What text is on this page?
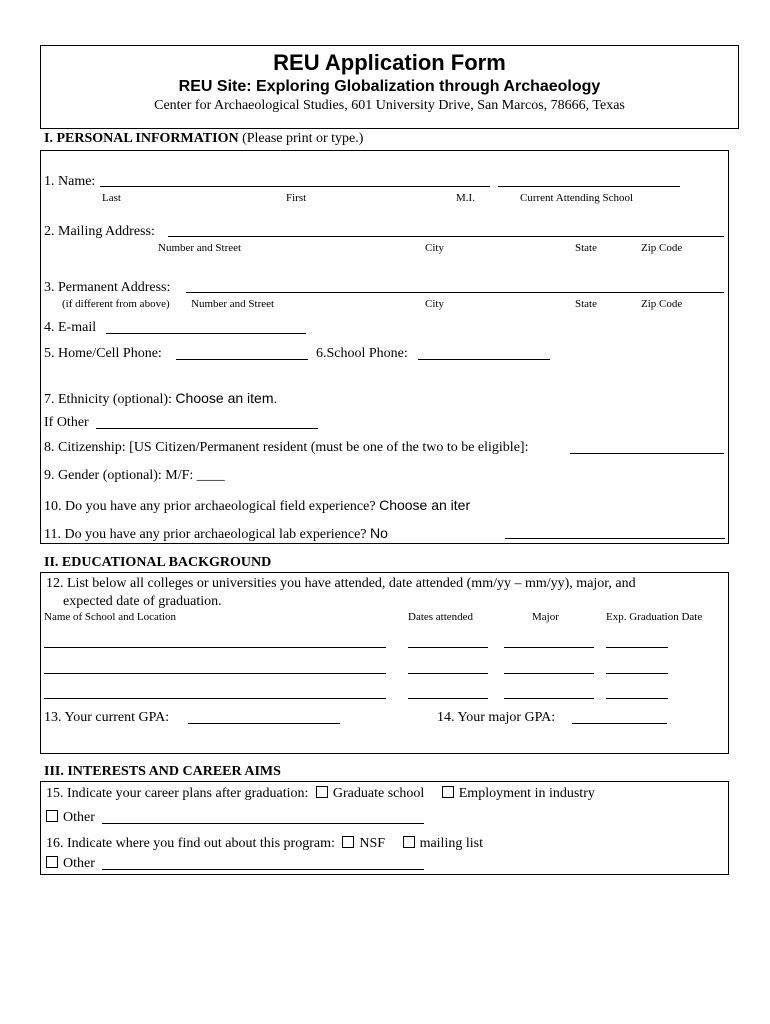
REU Application Form
REU Site: Exploring Globalization through Archaeology
Center for Archaeological Studies, 601 University Drive, San Marcos, 78666, Texas
I. PERSONAL INFORMATION (Please print or type.)
1. Name:
Last	First	M.I.	Current Attending School
2. Mailing Address:
Number and Street	City	State	Zip Code
3. Permanent Address:
(if different from above) Number and Street	City	State	Zip Code
4. E-mail
5. Home/Cell Phone:	6.School Phone:
7. Ethnicity (optional): Choose an item.
If Other
8. Citizenship: [US Citizen/Permanent resident (must be one of the two to be eligible]:
9. Gender (optional): M/F: ____
10. Do you have any prior archaeological field experience? Choose an iter
11. Do you have any prior archaeological lab experience? No
II. EDUCATIONAL BACKGROUND
12. List below all colleges or universities you have attended, date attended (mm/yy – mm/yy), major, and
expected date of graduation.
Name of School and Location	Dates attended	Major	Exp. Graduation Date
13. Your current GPA:	14. Your major GPA:
III. INTERESTS AND CAREER AIMS
15. Indicate your career plans after graduation: Graduate school Employment in industry
Other
16. Indicate where you find out about this program: NSF mailing list
Other
